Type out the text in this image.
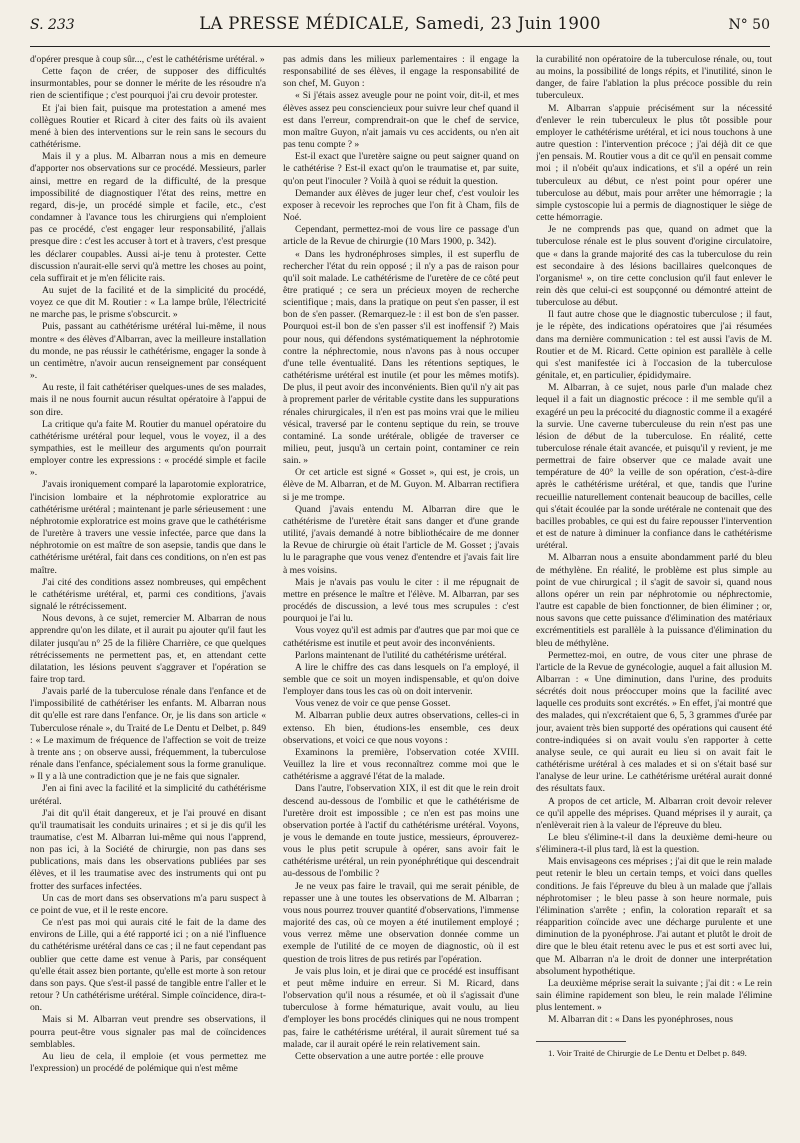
S. 233	LA PRESSE MÉDICALE, Samedi, 23 Juin 1900	N° 50

d'opérer presque à coup sûr..., c'est le cathétérisme urétéral. »

Cette façon de créer, de supposer des difficultés insurmontables, pour se donner le mérite de les résoudre n'a rien de scientifique ; c'est pourquoi j'ai cru devoir protester.

Et j'ai bien fait, puisque ma protestation a amené mes collègues Routier et Ricard à citer des faits où ils avaient mené à bien des interventions sur le rein sans le secours du cathétérisme.

Mais il y a plus. M. Albarran nous a mis en demeure d'apporter nos observations sur ce procédé. Messieurs, parler ainsi, mettre en regard de la difficulté, de la presque impossibilité de diagnostiquer l'état des reins, mettre en regard, dis-je, un procédé simple et facile, etc., c'est condamner à l'avance tous les chirurgiens qui n'emploient pas ce procédé, c'est engager leur responsabilité, j'allais presque dire : c'est les accuser à tort et à travers, c'est presque les déclarer coupables. Aussi ai-je tenu à protester. Cette discussion n'aurait-elle servi qu'à mettre les choses au point, cela suffirait et je m'en félicite rais.

Au sujet de la facilité et de la simplicité du procédé, voyez ce que dit M. Routier : « La lampe brûle, l'électricité ne marche pas, le prisme s'obscurcit. »

Puis, passant au cathétérisme urétéral lui-même, il nous montre « des élèves d'Albarran, avec la meilleure installation du monde, ne pas réussir le cathétérisme, engager la sonde à un centimètre, n'avoir aucun renseignement par conséquent ».

Au reste, il fait cathétériser quelques-unes de ses malades, mais il ne nous fournit aucun résultat opératoire à l'appui de son dire.

La critique qu'a faite M. Routier du manuel opératoire du cathétérisme urétéral pour lequel, vous le voyez, il a des sympathies, est le meilleur des arguments qu'on pourrait employer contre les expressions : « procédé simple et facile ».

J'avais ironiquement comparé la laparotomie exploratrice, l'incision lombaire et la néphrotomie exploratrice au cathétérisme urétéral ; maintenant je parle sérieusement : une néphrotomie exploratrice est moins grave que le cathétérisme de l'uretère à travers une vessie infectée, parce que dans la néphrotomie on est maître de son asepsie, tandis que dans le cathétérisme urétéral, fait dans ces conditions, on n'en est pas maître.

J'ai cité des conditions assez nombreuses, qui empêchent le cathétérisme urétéral, et, parmi ces conditions, j'avais signalé le rétrécissement.

Nous devons, à ce sujet, remercier M. Albarran de nous apprendre qu'on les dilate, et il aurait pu ajouter qu'il faut les dilater jusqu'au n° 25 de la filière Charrière, ce que quelques rétrécissements ne permettent pas, et, en attendant cette dilatation, les lésions peuvent s'aggraver et l'opération se faire trop tard.

J'avais parlé de la tuberculose rénale dans l'enfance et de l'impossibilité de cathétériser les enfants. M. Albarran nous dit qu'elle est rare dans l'enfance. Or, je lis dans son article « Tuberculose rénale », du Traité de Le Dentu et Delbet, p. 849 : « Le maximum de fréquence de l'affection se voit de treize à trente ans ; on observe aussi, fréquemment, la tuberculose rénale dans l'enfance, spécialement sous la forme granulique. » Il y a là une contradiction que je ne fais que signaler.

J'en ai fini avec la facilité et la simplicité du cathétérisme urétéral.

J'ai dit qu'il était dangereux, et je l'ai prouvé en disant qu'il traumatisait les conduits urinaires ; et si je dis qu'il les traumatise, c'est M. Albarran lui-même qui nous l'apprend, non pas ici, à la Société de chirurgie, non pas dans ses publications, mais dans les observations publiées par ses élèves, et il les traumatise avec des instruments qui ont pu frotter des surfaces infectées.

Un cas de mort dans ses observations m'a paru suspect à ce point de vue, et il le reste encore.

Ce n'est pas moi qui aurais cité le fait de la dame des environs de Lille, qui a été rapporté ici ; on a nié l'influence du cathétérisme urétéral dans ce cas ; il ne faut cependant pas oublier que cette dame est venue à Paris, par conséquent qu'elle était assez bien portante, qu'elle est morte à son retour dans son pays. Que s'est-il passé de tangible entre l'aller et le retour ? Un cathétérisme urétéral. Simple coïncidence, dira-t-on.

Mais si M. Albarran veut prendre ses observations, il pourra peut-être vous signaler pas mal de coïncidences semblables.

Au lieu de cela, il emploie (et vous permettez me l'expression) un procédé de polémique qui n'est même

pas admis dans les milieux parlementaires : il engage la responsabilité de ses élèves, il engage la responsabilité de son chef, M. Guyon :

« Si j'étais assez aveugle pour ne point voir, dit-il, et mes élèves assez peu consciencieux pour suivre leur chef quand il est dans l'erreur, comprendrait-on que le chef de service, mon maître Guyon, n'ait jamais vu ces accidents, ou n'en ait pas tenu compte ? »

Est-il exact que l'uretère saigne ou peut saigner quand on le cathétérise ? Est-il exact qu'on le traumatise et, par suite, qu'on peut l'inoculer ? Voilà à quoi se réduit la question.

Demander aux élèves de juger leur chef, c'est vouloir les exposer à recevoir les reproches que l'on fit à Cham, fils de Noé.

Cependant, permettez-moi de vous lire ce passage d'un article de la Revue de chirurgie (10 Mars 1900, p. 342).

« Dans les hydronéphroses simples, il est superflu de rechercher l'état du rein opposé ; il n'y a pas de raison pour qu'il soit malade. Le cathétérisme de l'uretère de ce côté peut être pratiqué ; ce sera un précieux moyen de recherche scientifique ; mais, dans la pratique on peut s'en passer, il est bon de s'en passer. (Remarquez-le : il est bon de s'en passer. Pourquoi est-il bon de s'en passer s'il est inoffensif ?) Mais pour nous, qui défendons systématiquement la néphrotomie contre la néphrectomie, nous n'avons pas à nous occuper d'une telle éventualité. Dans les rétentions septiques, le cathétérisme urétéral est inutile (et pour les mêmes motifs). De plus, il peut avoir des inconvénients. Bien qu'il n'y ait pas à proprement parler de véritable cystite dans les suppurations rénales chirurgicales, il n'en est pas moins vrai que le milieu vésical, traversé par le contenu septique du rein, se trouve contaminé. La sonde urétérale, obligée de traverser ce milieu, peut, jusqu'à un certain point, contaminer ce rein sain. »

Or cet article est signé « Gosset », qui est, je crois, un élève de M. Albarran, et de M. Guyon. M. Albarran rectifiera si je me trompe.

Quand j'avais entendu M. Albarran dire que le cathétérisme de l'uretère était sans danger et d'une grande utilité, j'avais demandé à notre bibliothécaire de me donner la Revue de chirurgie où était l'article de M. Gosset ; j'avais lu le paragraphe que vous venez d'entendre et j'avais fait lire à mes voisins.

Mais je n'avais pas voulu le citer : il me répugnait de mettre en présence le maître et l'élève. M. Albarran, par ses procédés de discussion, a levé tous mes scrupules : c'est pourquoi je l'ai lu.

Vous voyez qu'il est admis par d'autres que par moi que ce cathétérisme est inutile et peut avoir des inconvénients.

Parlons maintenant de l'utilité du cathétérisme urétéral.

A lire le chiffre des cas dans lesquels on l'a employé, il semble que ce soit un moyen indispensable, et qu'on doive l'employer dans tous les cas où on doit intervenir.

Vous venez de voir ce que pense Gosset.

M. Albarran publie deux autres observations, celles-ci in extenso. Eh bien, étudions-les ensemble, ces deux observations, et voici ce que nous voyons :

Examinons la première, l'observation cotée XVIII. Veuillez la lire et vous reconnaîtrez comme moi que le cathétérisme a aggravé l'état de la malade.

Dans l'autre, l'observation XIX, il est dit que le rein droit descend au-dessous de l'ombilic et que le cathétérisme de l'uretère droit est impossible ; ce n'en est pas moins une observation portée à l'actif du cathétérisme urétéral. Voyons, je vous le demande en toute justice, messieurs, éprouverez-vous le plus petit scrupule à opérer, sans avoir fait le cathétérisme urétéral, un rein pyonéphrétique qui descendrait au-dessous de l'ombilic ?

Je ne veux pas faire le travail, qui me serait pénible, de repasser une à une toutes les observations de M. Albarran ; vous nous pourrez trouver quantité d'observations, l'immense majorité des cas, où ce moyen a été inutilement employé ; vous verrez même une observation donnée comme un exemple de l'utilité de ce moyen de diagnostic, où il est question de trois litres de pus retirés par l'opération.

Je vais plus loin, et je dirai que ce procédé est insuffisant et peut même induire en erreur. Si M. Ricard, dans l'observation qu'il nous a résumée, et où il s'agissait d'une tuberculose à forme hématurique, avait voulu, au lieu d'employer les bons procédés cliniques qui ne nous trompent pas, faire le cathétérisme urétéral, il aurait sûrement tué sa malade, car il aurait opéré le rein relativement sain.

Cette observation a une autre portée : elle prouve

la curabilité non opératoire de la tuberculose rénale, ou, tout au moins, la possibilité de longs répits, et l'inutilité, sinon le danger, de faire l'ablation la plus précoce possible du rein tuberculeux.

M. Albarran s'appuie précisément sur la nécessité d'enlever le rein tuberculeux le plus tôt possible pour employer le cathétérisme urétéral, et ici nous touchons à une autre question : l'intervention précoce ; j'ai déjà dit ce que j'en pensais. M. Routier vous a dit ce qu'il en pensait comme moi ; il n'obéit qu'aux indications, et s'il a opéré un rein tuberculeux au début, ce n'est point pour opérer une tuberculose au début, mais pour arrêter une hémorragie ; la simple cystoscopie lui a permis de diagnostiquer le siège de cette hémorragie.

Je ne comprends pas que, quand on admet que la tuberculose rénale est le plus souvent d'origine circulatoire, que « dans la grande majorité des cas la tuberculose du rein est secondaire à des lésions bacillaires quelconques de l'organisme¹ », on tire cette conclusion qu'il faut enlever le rein dès que celui-ci est soupçonné ou démontré atteint de tuberculose au début.

Il faut autre chose que le diagnostic tuberculose ; il faut, je le répète, des indications opératoires que j'ai résumées dans ma dernière communication : tel est aussi l'avis de M. Routier et de M. Ricard. Cette opinion est parallèle à celle qui s'est manifestée ici à l'occasion de la tuberculose génitale, et, en particulier, épididymaire.

M. Albarran, à ce sujet, nous parle d'un malade chez lequel il a fait un diagnostic précoce : il me semble qu'il a exagéré un peu la précocité du diagnostic comme il a exagéré la survie. Une caverne tuberculeuse du rein n'est pas une lésion de début de la tuberculose. En réalité, cette tuberculose rénale était avancée, et puisqu'il y revient, je me permettrai de faire observer que ce malade avait une température de 40° la veille de son opération, c'est-à-dire après le cathétérisme urétéral, et que, tandis que l'urine recueillie naturellement contenait beaucoup de bacilles, celle qui s'était écoulée par la sonde urétérale ne contenait que des bacilles probables, ce qui est du faire repousser l'intervention et est de nature à diminuer la confiance dans le cathétérisme urétéral.

M. Albarran nous a ensuite abondamment parlé du bleu de méthylène. En réalité, le problème est plus simple au point de vue chirurgical ; il s'agit de savoir si, quand nous allons opérer un rein par néphrotomie ou néphrectomie, l'autre est capable de bien fonctionner, de bien éliminer ; or, nous savons que cette puissance d'élimination des matériaux excrémentitiels est parallèle à la puissance d'élimination du bleu de méthylène.

Permettez-moi, en outre, de vous citer une phrase de l'article de la Revue de gynécologie, auquel a fait allusion M. Albarran : « Une diminution, dans l'urine, des produits sécrétés doit nous préoccuper moins que la facilité avec laquelle ces produits sont excrétés. » En effet, j'ai montré que des malades, qui n'excrétaient que 6, 5, 3 grammes d'urée par jour, avaient très bien supporté des opérations qui causent été contre-indiquées si on avait voulu s'en rapporter à cette analyse seule, ce qui aurait eu lieu si on avait fait le cathétérisme urétéral à ces malades et si on s'était basé sur l'analyse de leur urine. Le cathétérisme urétéral aurait donné des résultats faux.

A propos de cet article, M. Albarran croit devoir relever ce qu'il appelle des méprises. Quand méprises il y aurait, ça n'enlèverait rien à la valeur de l'épreuve du bleu.

Le bleu s'élimine-t-il dans la deuxième demi-heure ou s'éliminera-t-il plus tard, là est la question.

Mais envisageons ces méprises ; j'ai dit que le rein malade peut retenir le bleu un certain temps, et voici dans quelles conditions. Je fais l'épreuve du bleu à un malade que j'allais néphrotomiser ; le bleu passe à son heure normale, puis l'élimination s'arrête ; enfin, la coloration reparaît et sa réapparition coïncide avec une décharge purulente et une diminution de la pyonéphrose. J'ai autant et plutôt le droit de dire que le bleu était retenu avec le pus et est sorti avec lui, que M. Albarran n'a le droit de donner une interprétation absolument hypothétique.

La deuxième méprise serait la suivante ; j'ai dit : « Le rein sain élimine rapidement son bleu, le rein malade l'élimine plus lentement. »

M. Albarran dit : « Dans les pyonéphroses, nous

1. Voir Traité de Chirurgie de Le Dentu et Delbet p. 849.
